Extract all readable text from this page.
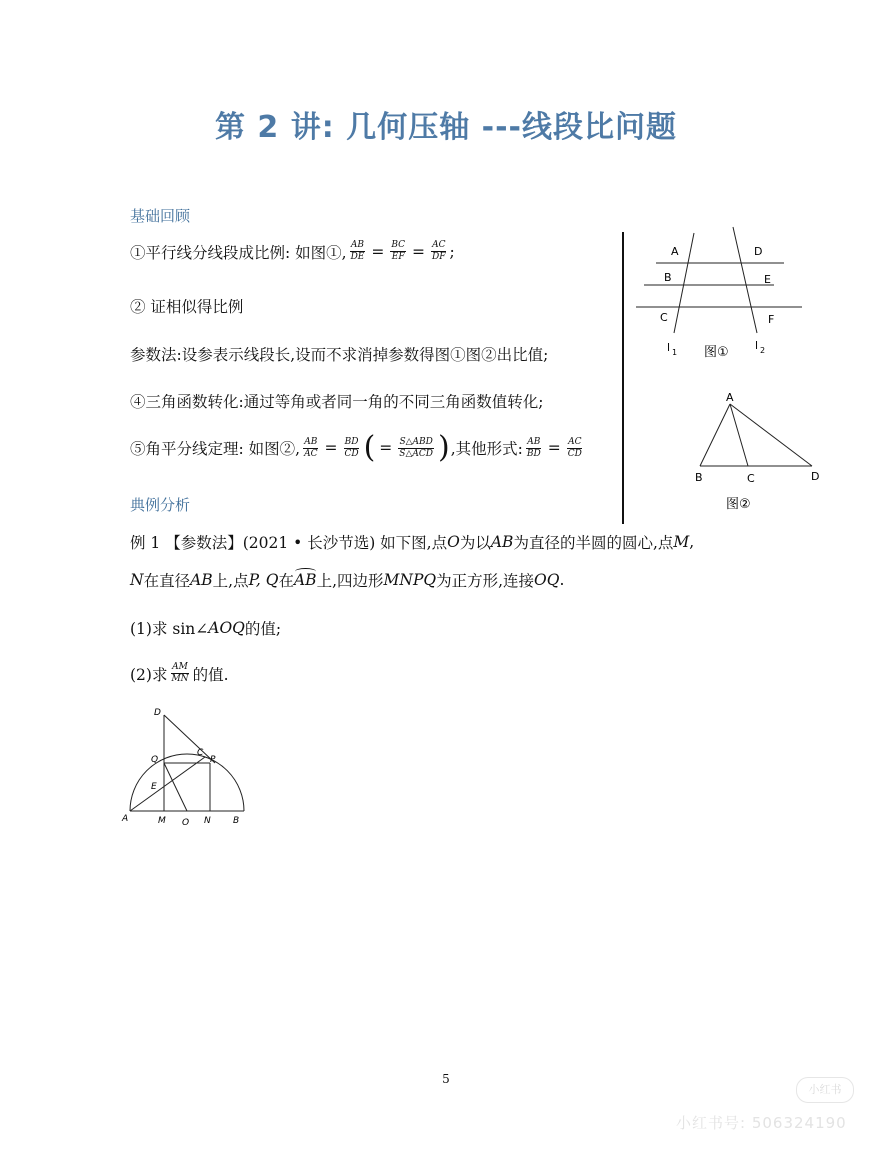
第 2 讲: 几何压轴 ---线段比问题
基础回顾
①平行线分线段成比例: 如图①, $\frac{AB}{DE} = \frac{BC}{EF} = \frac{AC}{DF}$ ;
② 证相似得比例
参数法:设参表示线段长,设而不求消掉参数得图①图②出比值;
④三角函数转化:通过等角或者同一角的不同三角函数值转化;
⑤角平分线定理: 如图②, $\frac{AB}{AC} = \frac{BD}{CD}$ ( = $\frac{\text{S△ABD}}{\text{S△ACD}}$ ) ,其他形式: $\frac{AB}{BD} = \frac{AC}{CD}$
典例分析
例 1 【参数法】(2021 • 长沙节选) 如下图,点 O 为以 AB 为直径的半圆的圆心,点 M ,
N 在直径 AB 上,点 P, Q 在 AB 上,四边形 MNPQ 为正方形,连接 OQ .
(1)求 sin∠ AOQ 的值;
(2)求 $\frac{AM}{MN}$ 的值.
A	D
B	E
C	F
l 1
l 2
图①
A
B	C	D
图②
D
Q
C
P
E
A	M O N B
5
小红书
小红书号: 506324190
